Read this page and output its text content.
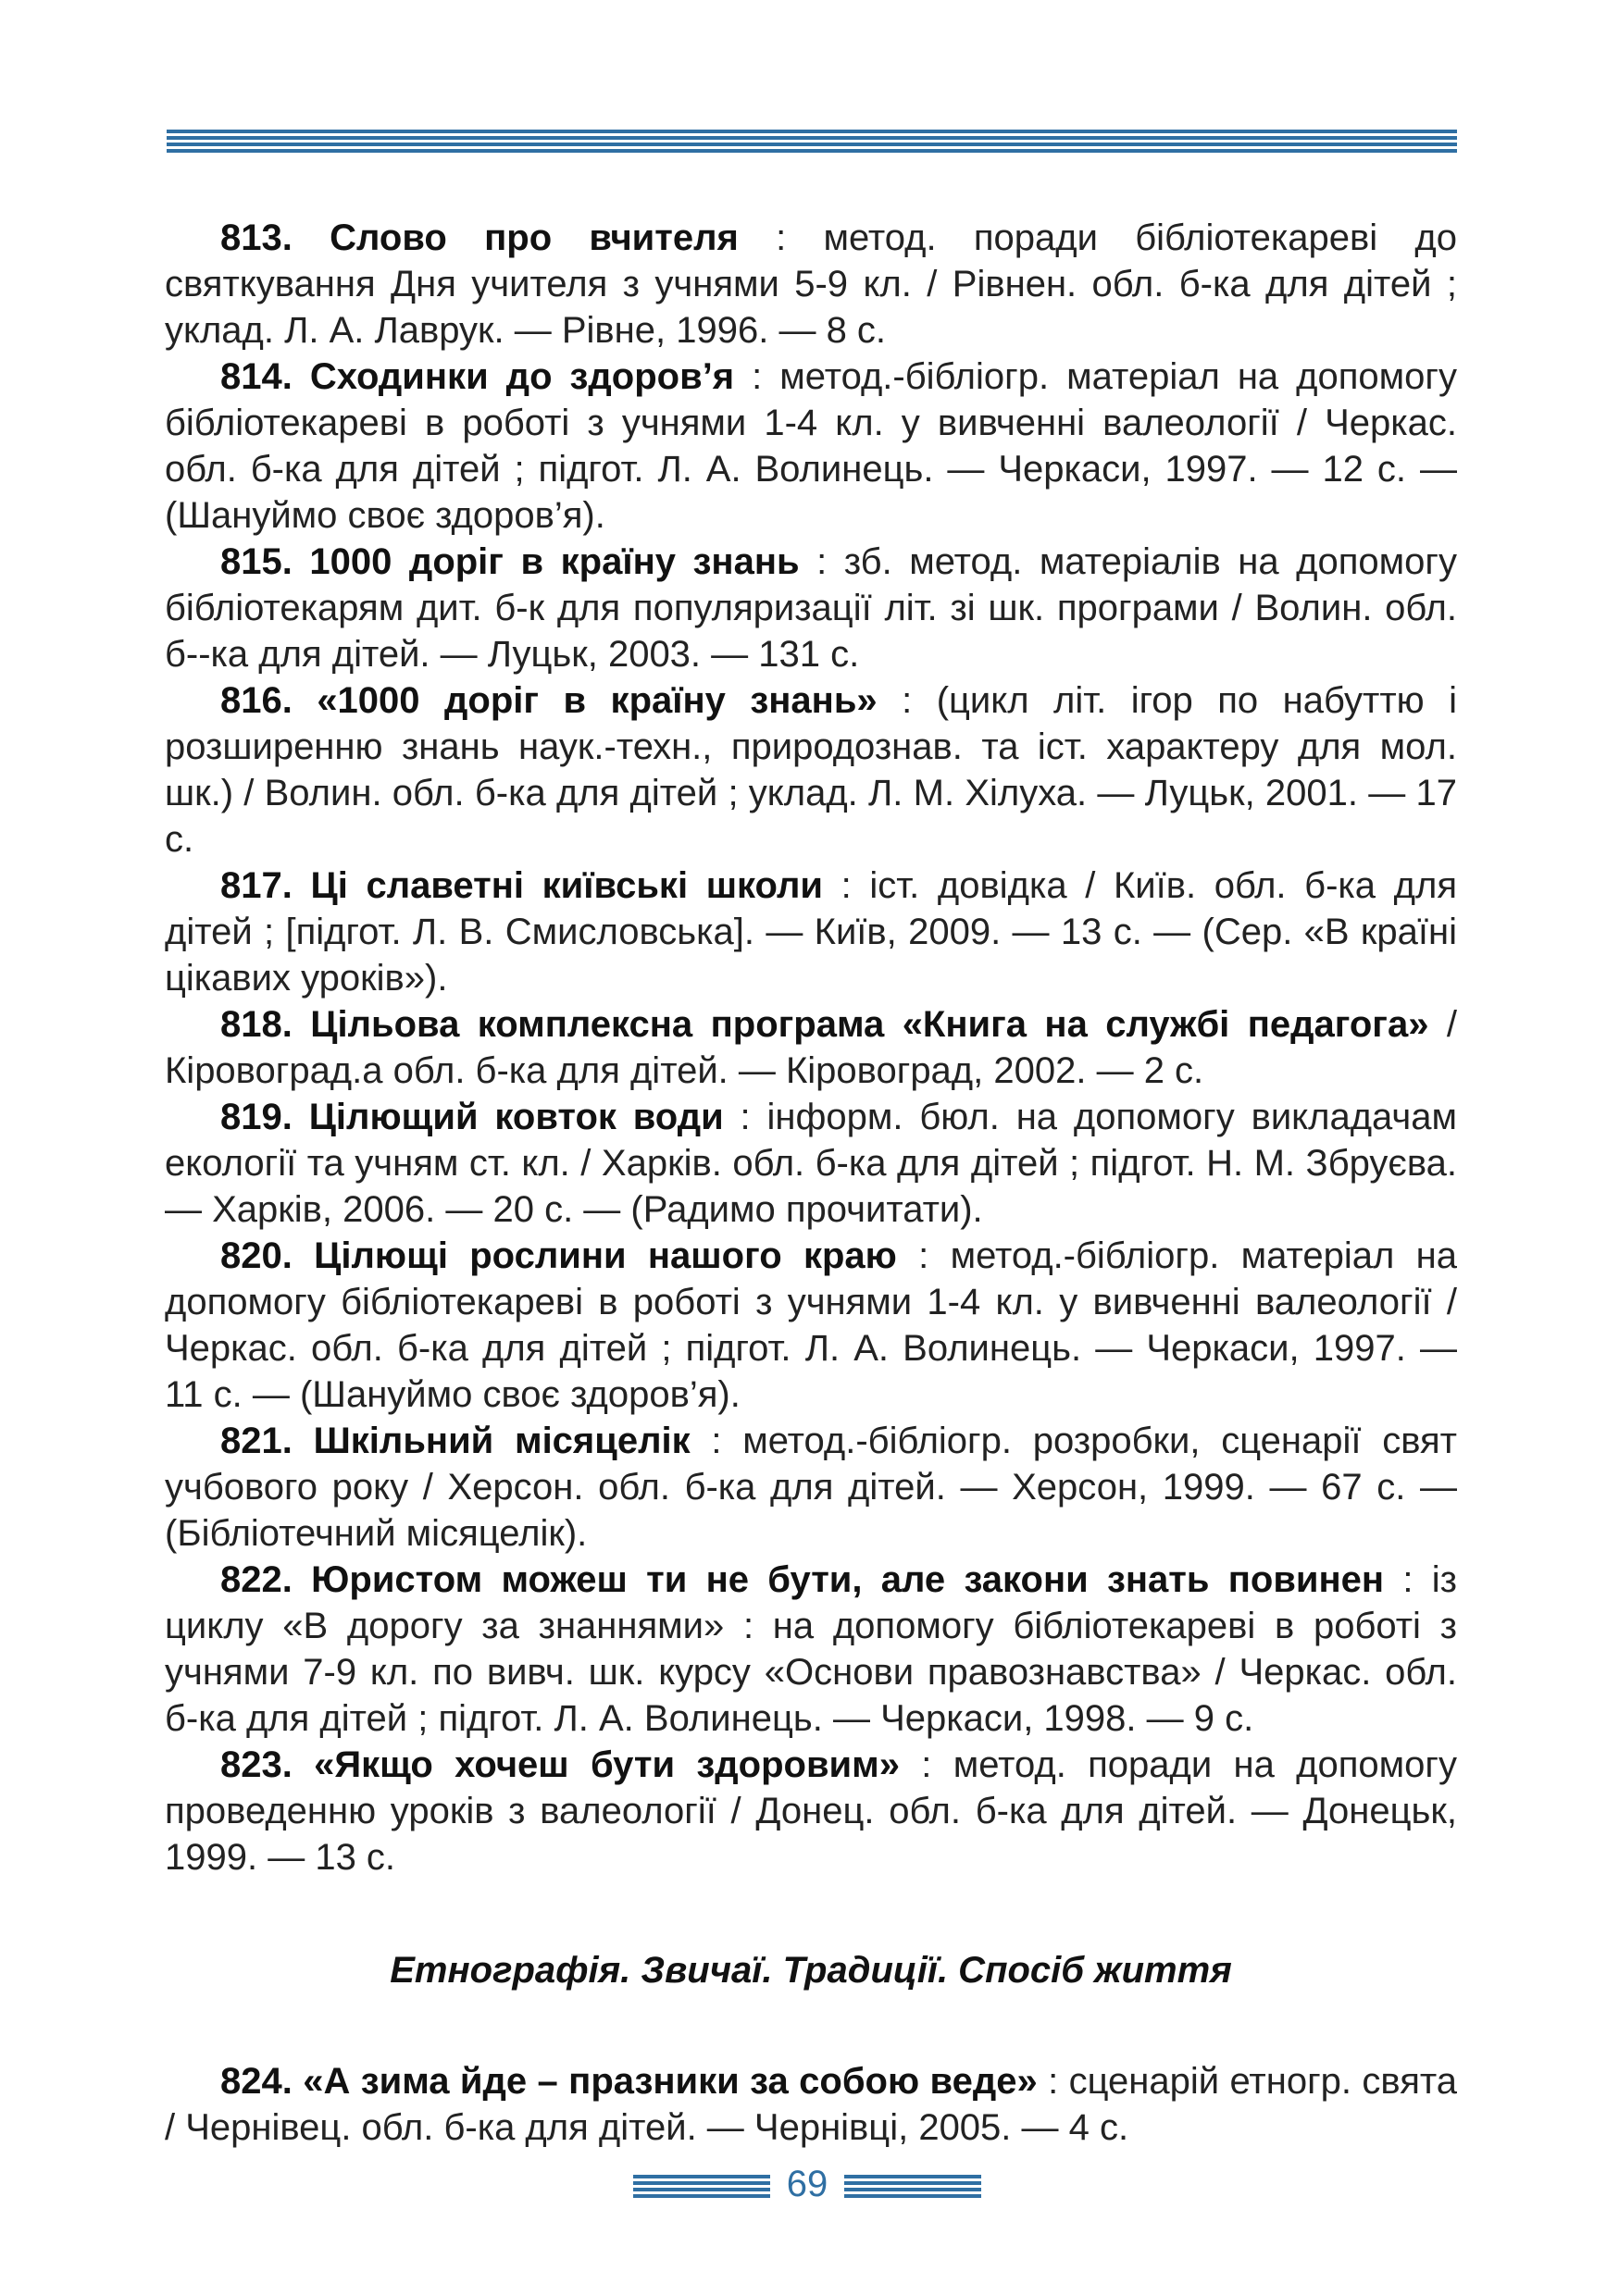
813. Слово про вчителя : метод. поради бібліотекареві до святкування Дня учителя з учнями 5-9 кл. / Рівнен. обл. б-ка для дітей ; уклад. Л. А. Лаврук. — Рівне, 1996. — 8 с.

814. Сходинки до здоров’я : метод.-бібліогр. матеріал на допомогу бібліотекареві в роботі з учнями 1-4 кл. у вивченні валеології / Черкас. обл. б-ка для дітей ; підгот. Л. А. Волинець. — Черкаси, 1997. — 12 с. — (Шануймо своє здоров’я).

815. 1000 доріг в країну знань : зб. метод. матеріалів на допомогу бібліотекарям дит. б-к для популяризації літ. зі шк. програми / Волин. обл. б--ка для дітей. — Луцьк, 2003. — 131 с.

816. «1000 доріг в країну знань» : (цикл літ. ігор по набуттю і розширенню знань наук.-техн., природознав. та іст. характеру для мол. шк.) / Волин. обл. б-ка для дітей ; уклад. Л. М. Хілуха. — Луцьк, 2001. — 17 с.

817. Ці славетні київські школи : іст. довідка / Київ. обл. б-ка для дітей ; [підгот. Л. В. Смисловська]. — Київ, 2009. — 13 с. — (Сер. «В країні цікавих уроків»).

818. Цільова комплексна програма «Книга на службі педагога» / Кіровоград.а обл. б-ка для дітей. — Кіровоград, 2002. — 2 с.

819. Цілющий ковток води : інформ. бюл. на допомогу викладачам екології та учням ст. кл. / Харків. обл. б-ка для дітей ; підгот. Н. М. Збруєва. — Харків, 2006. — 20 с. — (Радимо прочитати).

820. Цілющі рослини нашого краю : метод.-бібліогр. матеріал на допомогу бібліотекареві в роботі з учнями 1-4 кл. у вивченні валеології / Черкас. обл. б-ка для дітей ; підгот. Л. А. Волинець. — Черкаси, 1997. — 11 с. — (Шануймо своє здоров’я).

821. Шкільний місяцелік : метод.-бібліогр. розробки, сценарії свят учбового року / Херсон. обл. б-ка для дітей. — Херсон, 1999. — 67 с. — (Бібліотечний місяцелік).

822. Юристом можеш ти не бути, але закони знать повинен : із циклу «В дорогу за знаннями» : на допомогу бібліотекареві в роботі з учнями 7-9 кл. по вивч. шк. курсу «Основи правознавства» / Черкас. обл. б-ка для дітей ; підгот. Л. А. Волинець. — Черкаси, 1998. — 9 с.

823. «Якщо хочеш бути здоровим» : метод. поради на допомогу проведенню уроків з валеології / Донец. обл. б-ка для дітей. — Донецьк, 1999. — 13 с.

Етнографія. Звичаї. Традиції. Спосіб життя

824. «А зима йде – празники за собою веде» : сценарій етногр. свята / Чернівец. обл. б-ка для дітей. — Чернівці, 2005. — 4 с.

69
